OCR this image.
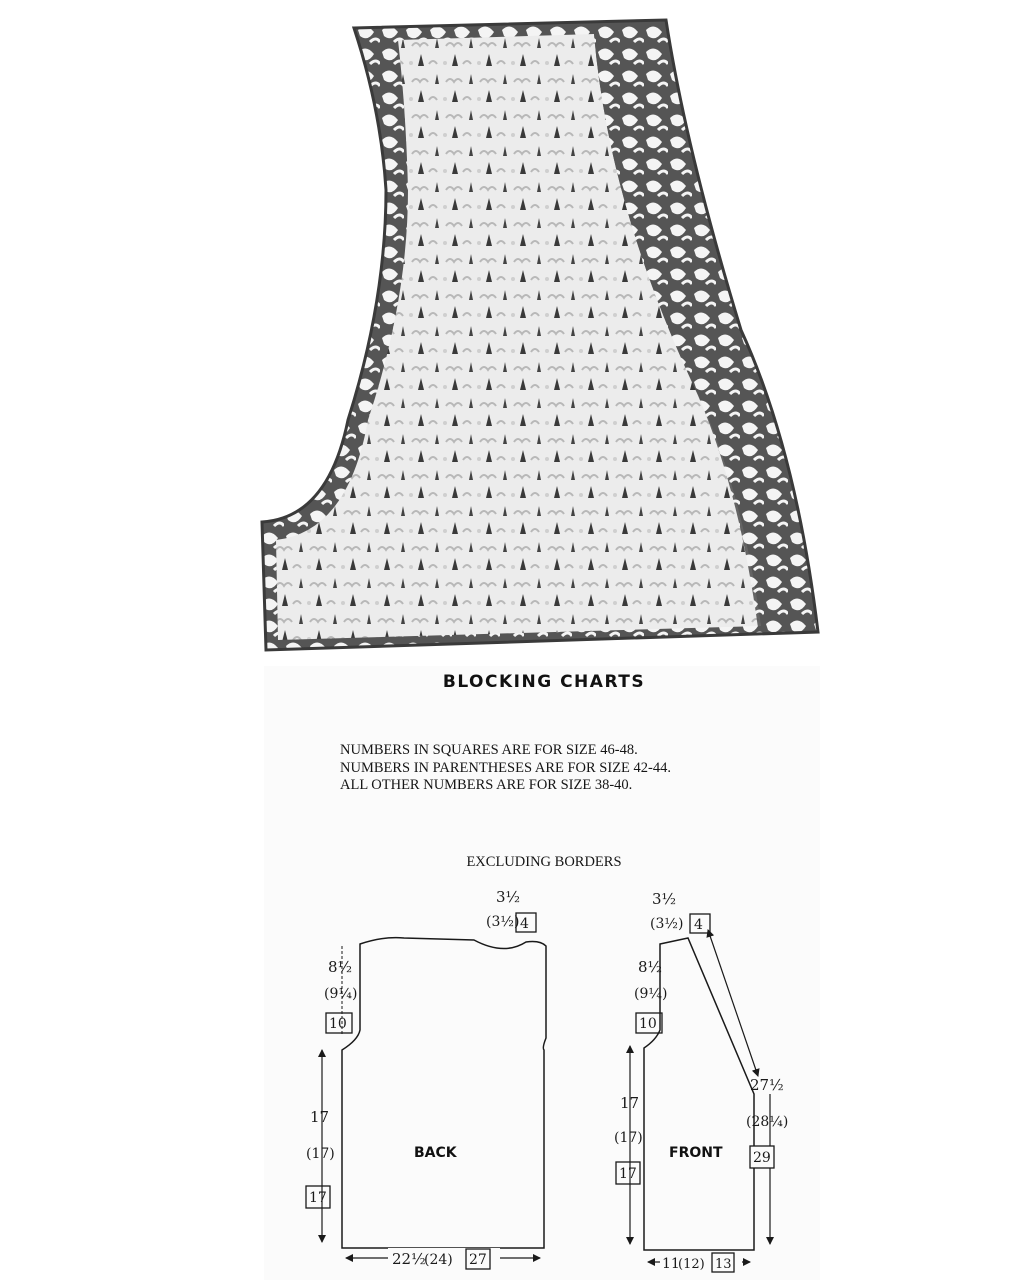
BLOCKING CHARTS
NUMBERS IN SQUARES ARE FOR SIZE 46-48.
NUMBERS IN PARENTHESES ARE FOR SIZE 42-44.
ALL OTHER NUMBERS ARE FOR SIZE 38-40.
EXCLUDING BORDERS
BACK
3½
(3½) 4
8½
(9¼)
10
17
(17)
17
22½
(24) 27
FRONT
3½
(3½) 4
8½
(9¼)
10
17
(17)
17
27½
(28¼)
29
11
(12) 13
